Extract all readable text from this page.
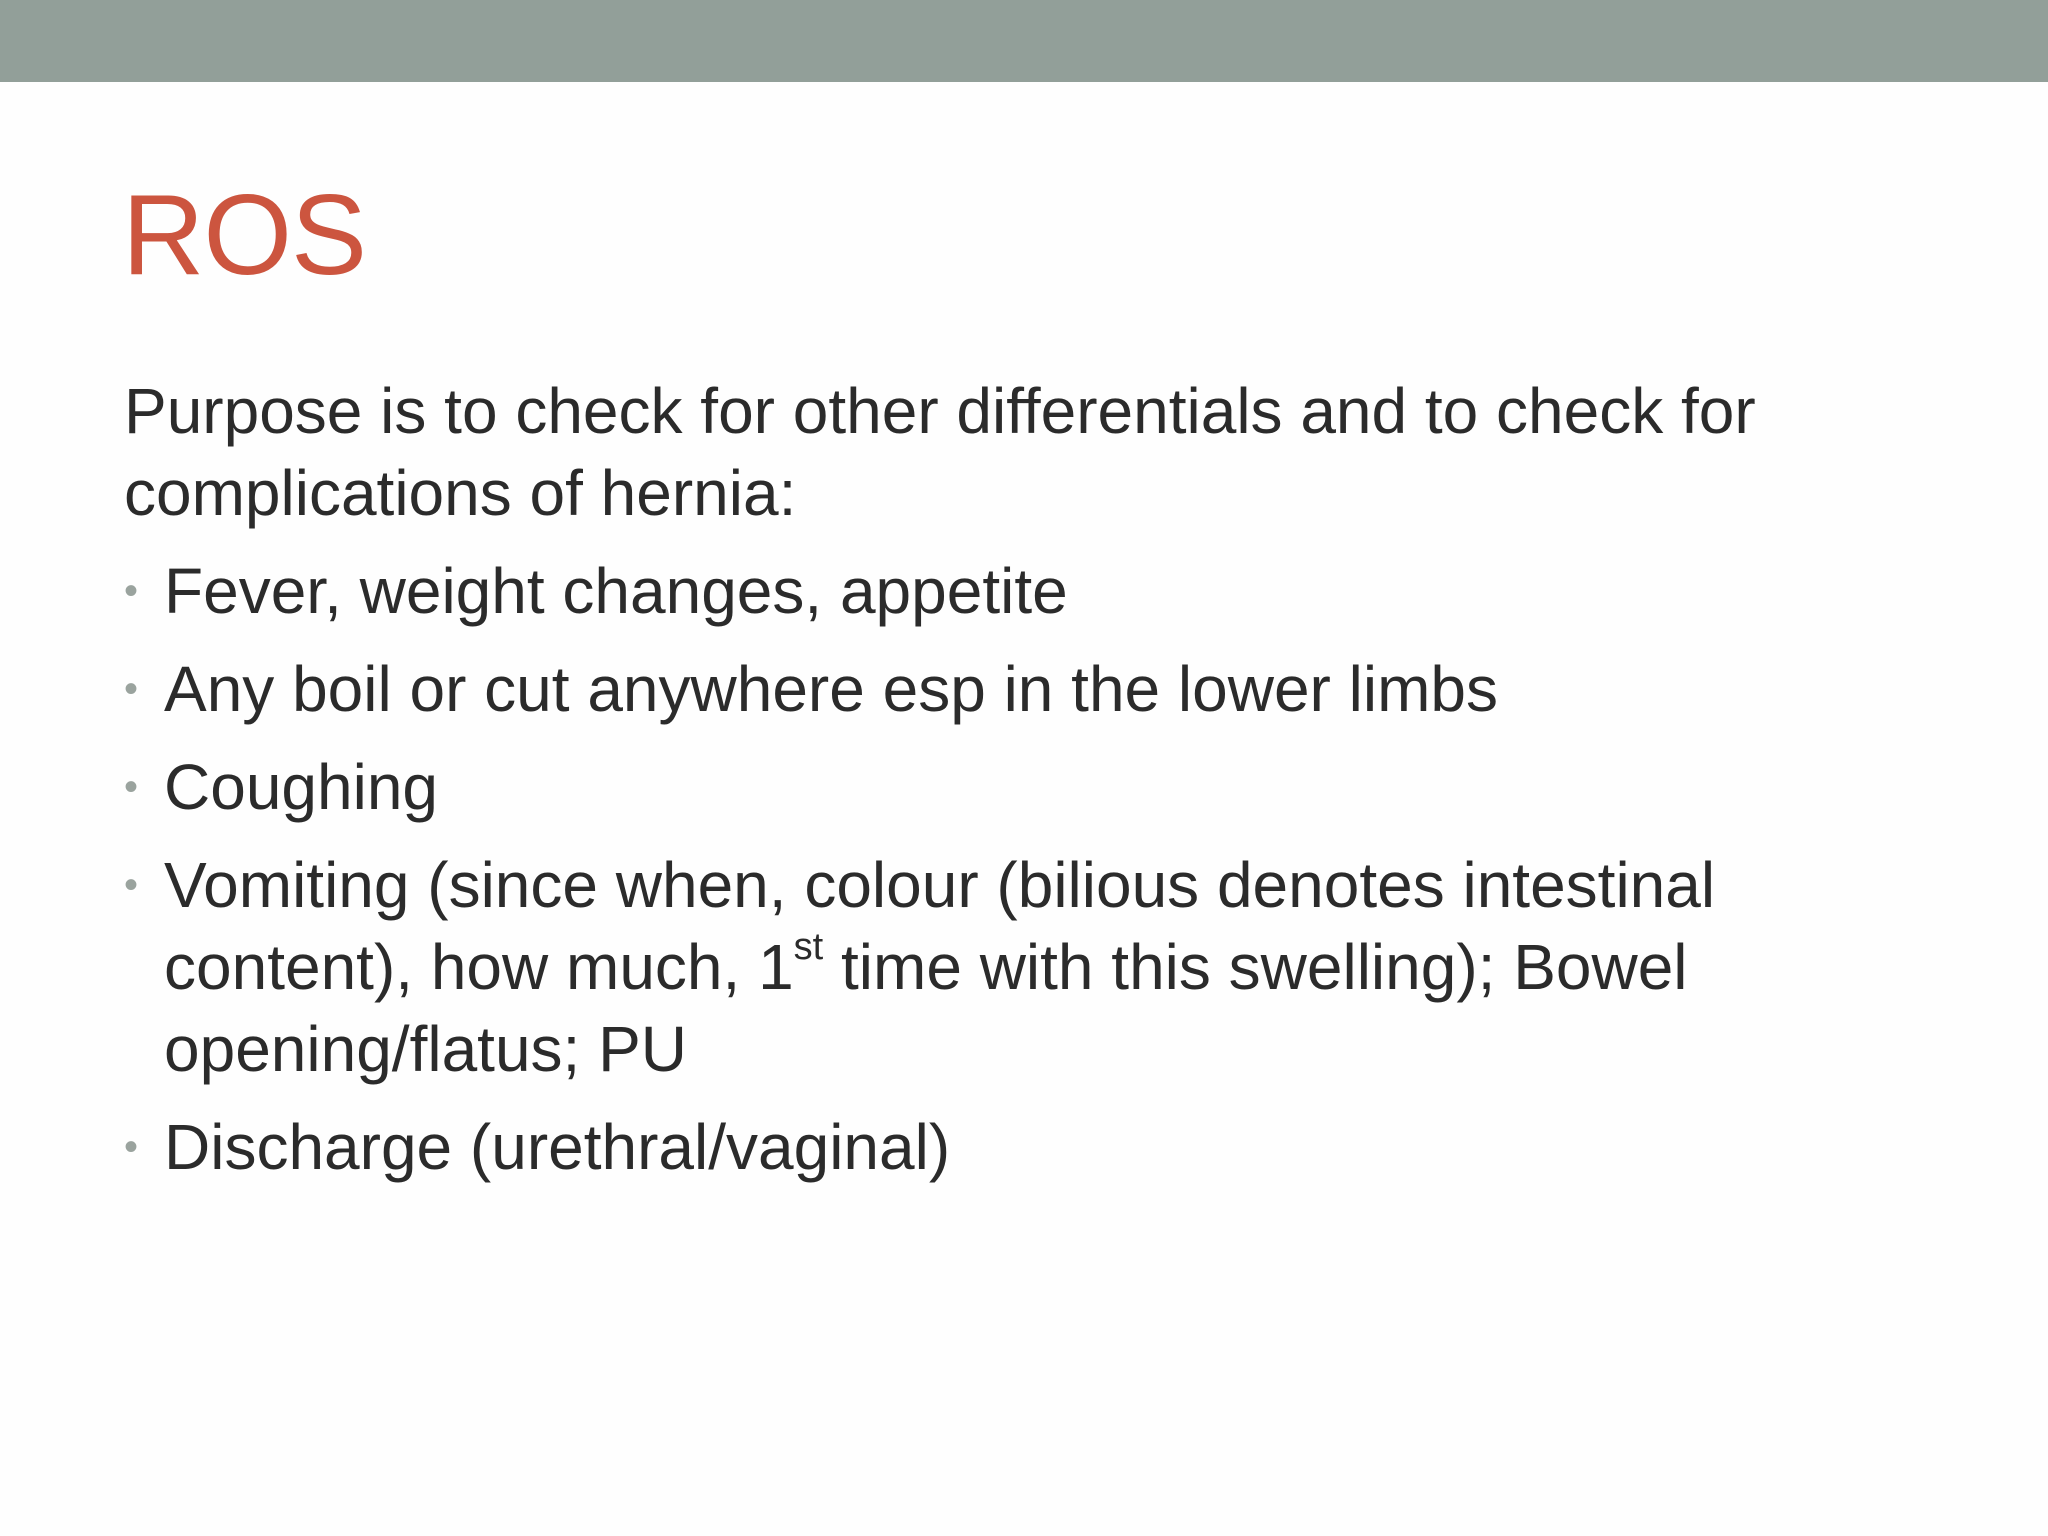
ROS

Purpose is to check for other differentials and to check for complications of hernia:

• Fever, weight changes, appetite
• Any boil or cut anywhere esp in the lower limbs
• Coughing
• Vomiting (since when, colour (bilious denotes intestinal content), how much, 1st time with this swelling); Bowel opening/flatus; PU
• Discharge (urethral/vaginal)
